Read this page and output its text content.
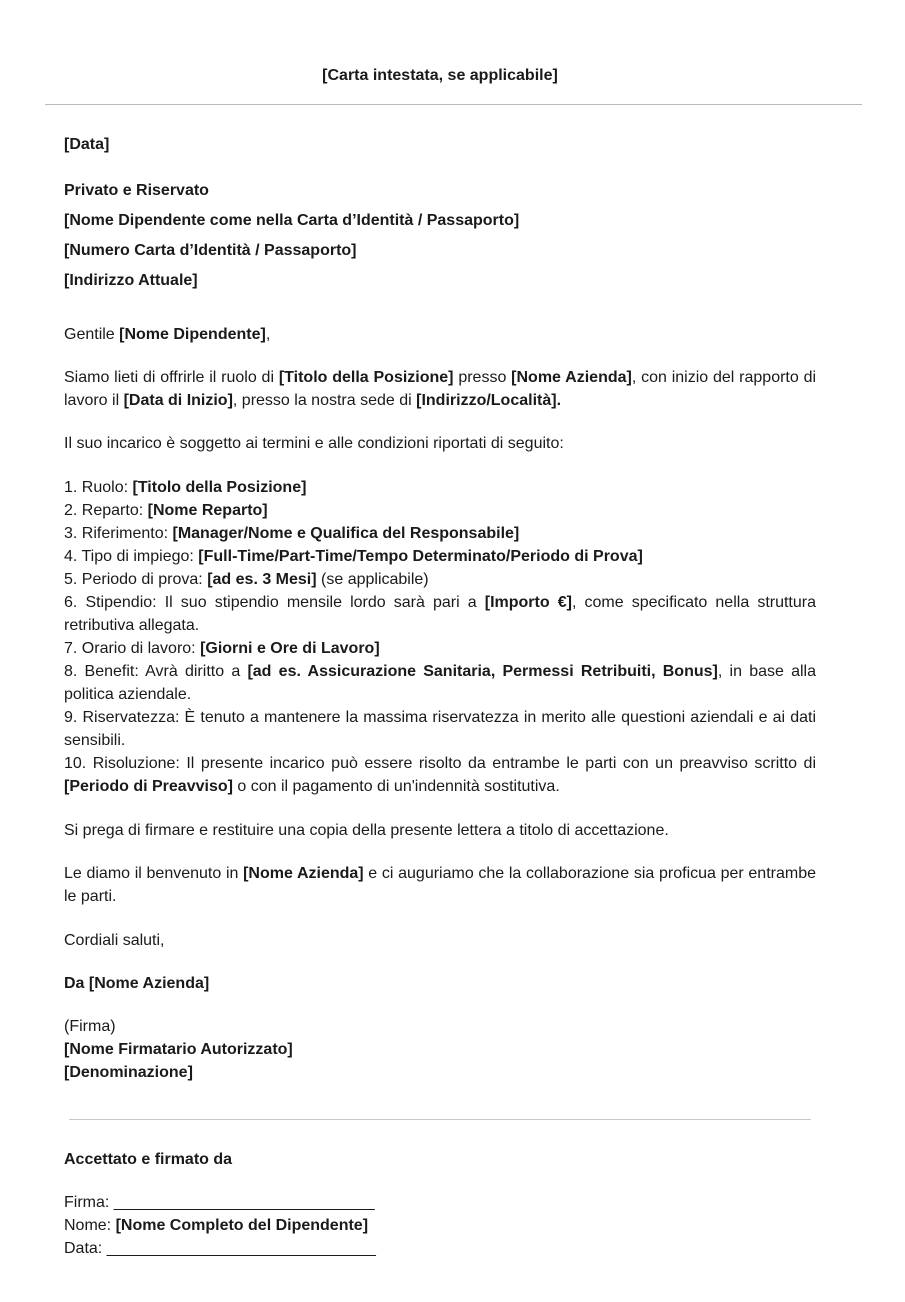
[Carta intestata, se applicabile]
[Data]
Privato e Riservato
[Nome Dipendente come nella Carta d’Identità / Passaporto]
[Numero Carta d’Identità / Passaporto]
[Indirizzo Attuale]
Gentile [Nome Dipendente],
Siamo lieti di offrirle il ruolo di [Titolo della Posizione] presso [Nome Azienda], con inizio del rapporto di lavoro il [Data di Inizio], presso la nostra sede di [Indirizzo/Località].
Il suo incarico è soggetto ai termini e alle condizioni riportati di seguito:
1. Ruolo: [Titolo della Posizione]
2. Reparto: [Nome Reparto]
3. Riferimento: [Manager/Nome e Qualifica del Responsabile]
4. Tipo di impiego: [Full-Time/Part-Time/Tempo Determinato/Periodo di Prova]
5. Periodo di prova: [ad es. 3 Mesi] (se applicabile)
6. Stipendio: Il suo stipendio mensile lordo sarà pari a [Importo €], come specificato nella struttura retributiva allegata.
7. Orario di lavoro: [Giorni e Ore di Lavoro]
8. Benefit: Avrà diritto a [ad es. Assicurazione Sanitaria, Permessi Retribuiti, Bonus], in base alla politica aziendale.
9. Riservatezza: È tenuto a mantenere la massima riservatezza in merito alle questioni aziendali e ai dati sensibili.
10. Risoluzione: Il presente incarico può essere risolto da entrambe le parti con un preavviso scritto di [Periodo di Preavviso] o con il pagamento di un'indennità sostitutiva.
Si prega di firmare e restituire una copia della presente lettera a titolo di accettazione.
Le diamo il benvenuto in [Nome Azienda] e ci auguriamo che la collaborazione sia proficua per entrambe le parti.
Cordiali saluti,
Da [Nome Azienda]
(Firma)
[Nome Firmatario Autorizzato]
[Denominazione]
Accettato e firmato da
Firma: _______________________________
Nome: [Nome Completo del Dipendente]
Data: ________________________________
